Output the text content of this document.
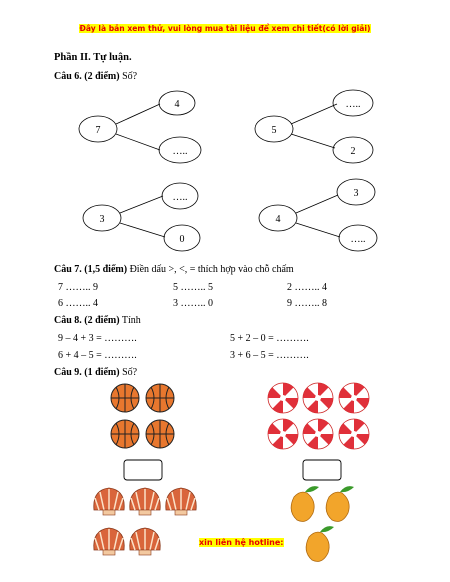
Đây là bản xem thử, vui lòng mua tài liệu để xem chi tiết(có lời giải)
Phần II. Tự luận.
Câu 6. (2 điểm) Số?
7
4
…..
5
…..
2
3
…..
0
4
3
…..
Câu 7. (1,5 điểm) Điền dấu >, <, = thích hợp vào chỗ chấm
7 …….. 9	5 …….. 5	2 …….. 4
6 …….. 4	3 …….. 0	9 …….. 8
Câu 8. (2 điểm) Tính
9 – 4 + 3 = ……….	5 + 2 – 0 = ……….
6 + 4 – 5 = ……….	3 + 6 – 5 = ……….
Câu 9. (1 điểm) Số?
xin liên hệ hotline:
